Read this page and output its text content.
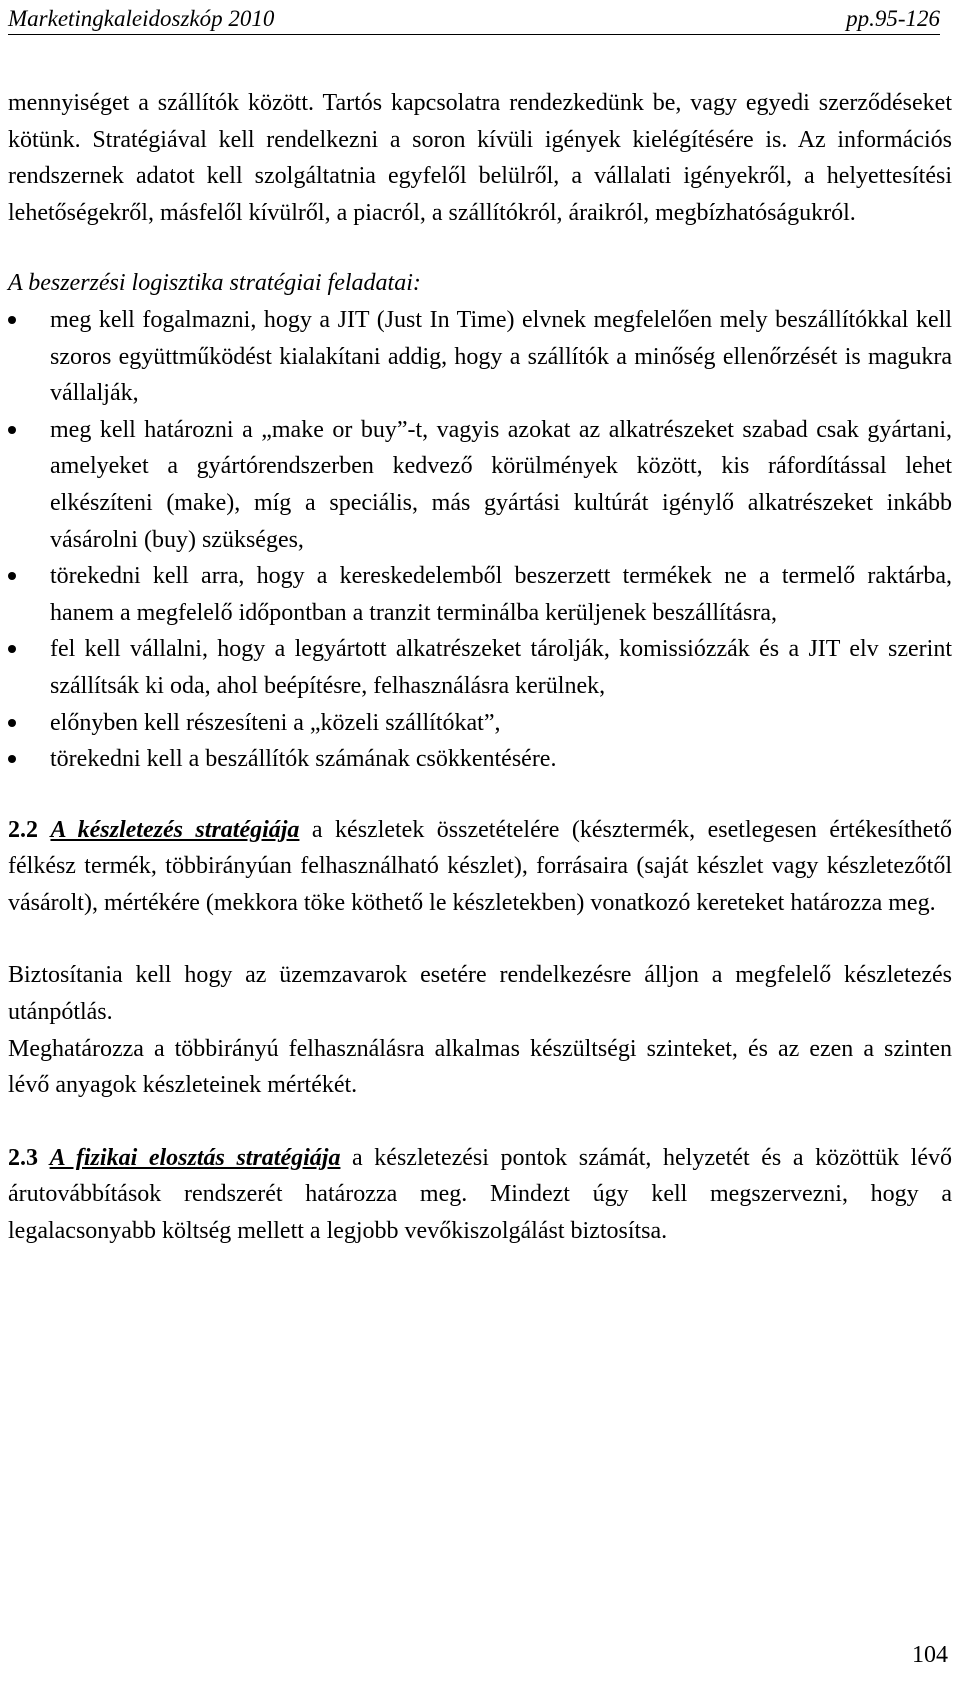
Marketingkaleidoszkóp 2010	pp.95-126

mennyiséget a szállítók között. Tartós kapcsolatra rendezkedünk be, vagy egyedi szerződéseket kötünk. Stratégiával kell rendelkezni a soron kívüli igények kielégítésére is. Az információs rendszernek adatot kell szolgáltatnia egyfelől belülről, a vállalati igényekről, a helyettesítési lehetőségekről, másfelől kívülről, a piacról, a szállítókról, áraikról, megbízhatóságukról.

A beszerzési logisztika stratégiai feladatai:

meg kell fogalmazni, hogy a JIT (Just In Time) elvnek megfelelően mely beszállítókkal kell szoros együttműködést kialakítani addig, hogy a szállítók a minőség ellenőrzését is magukra vállalják,
meg kell határozni a „make or buy”-t, vagyis azokat az alkatrészeket szabad csak gyártani, amelyeket a gyártórendszerben kedvező körülmények között, kis ráfordítással lehet elkészíteni (make), míg a speciális, más gyártási kultúrát igénylő alkatrészeket inkább vásárolni (buy) szükséges,
törekedni kell arra, hogy a kereskedelemből beszerzett termékek ne a termelő raktárba, hanem a megfelelő időpontban a tranzit terminálba kerüljenek beszállításra,
fel kell vállalni, hogy a legyártott alkatrészeket tárolják, komissiózzák és a JIT elv szerint szállítsák ki oda, ahol beépítésre, felhasználásra kerülnek,
előnyben kell részesíteni a „közeli szállítókat”,
törekedni kell a beszállítók számának csökkentésére.

2.2 A készletezés stratégiája a készletek összetételére (késztermék, esetlegesen értékesíthető félkész termék, többirányúan felhasználható készlet), forrásaira (saját készlet vagy készletezőtől vásárolt), mértékére (mekkora töke köthető le készletekben) vonatkozó kereteket határozza meg.

Biztosítania kell hogy az üzemzavarok esetére rendelkezésre álljon a megfelelő készletezés utánpótlás.

Meghatározza a többirányú felhasználásra alkalmas készültségi szinteket, és az ezen a szinten lévő anyagok készleteinek mértékét.

2.3 A fizikai elosztás stratégiája a készletezési pontok számát, helyzetét és a közöttük lévő árutovábbítások rendszerét határozza meg. Mindezt úgy kell megszervezni, hogy a legalacsonyabb költség mellett a legjobb vevőkiszolgálást biztosítsa.

104
